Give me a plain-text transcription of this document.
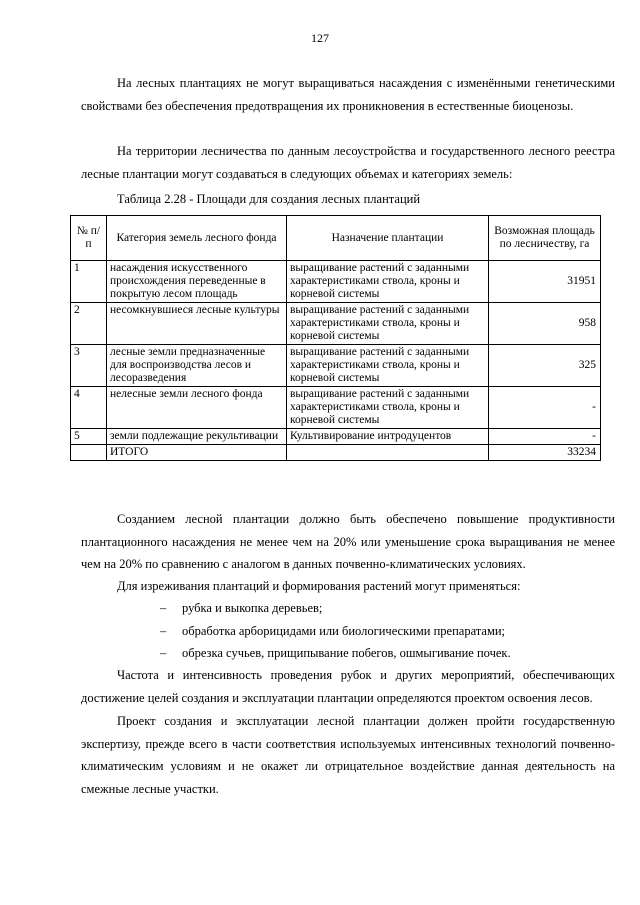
127

На лесных плантациях не могут выращиваться насаждения с изменёнными генетическими свойствами без обеспечения предотвращения их проникновения в естественные биоценозы.

На территории лесничества по данным лесоустройства и государственного лесного реестра лесные плантации могут создаваться в следующих объемах и категориях земель:

Таблица 2.28 - Площади для создания лесных плантаций
№ п/п	Категория земель лесного фонда	Назначение плантации	Возможная площадь по лесничеству, га
1	насаждения искусственного происхождения переведенные в покрытую лесом площадь	выращивание растений с заданными характеристиками ствола, кроны и корневой системы	31951
2	несомкнувшиеся лесные культуры	выращивание растений с заданными характеристиками ствола, кроны и корневой системы	958
3	лесные земли предназначенные для воспроизводства лесов и лесоразведения	выращивание растений с заданными характеристиками ствола, кроны и корневой системы	325
4	нелесные земли лесного фонда	выращивание растений с заданными характеристиками ствола, кроны и корневой системы	-
5	земли подлежащие рекультивации	Культивирование интродуцентов	-
	ИТОГО		33234

Созданием лесной плантации должно быть обеспечено повышение продуктивности плантационного насаждения не менее чем на 20% или уменьшение срока выращивания не менее чем на 20% по сравнению с аналогом в данных почвенно-климатических условиях.

Для изреживания плантаций и формирования растений могут применяться:

– рубка и выкопка деревьев;
– обработка арборицидами или биологическими препаратами;
– обрезка сучьев, прищипывание побегов, ошмыгивание почек.

Частота и интенсивность проведения рубок и других мероприятий, обеспечивающих достижение целей создания и эксплуатации плантации определяются проектом освоения лесов.

Проект создания и эксплуатации лесной плантации должен пройти государственную экспертизу, прежде всего в части соответствия используемых интенсивных технологий почвенно-климатическим условиям и не окажет ли отрицательное воздействие данная деятельность на смежные лесные участки.
